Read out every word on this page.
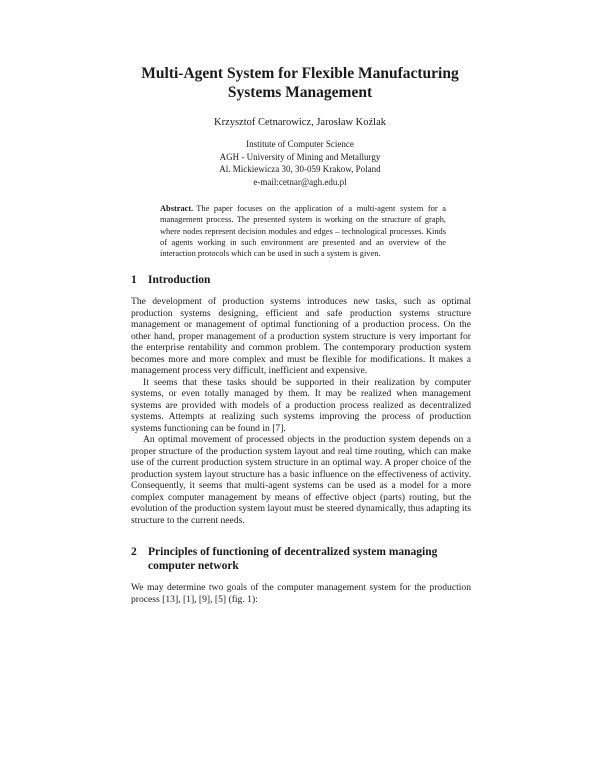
Multi-Agent System for Flexible Manufacturing
Systems Management
Krzysztof Cetnarowicz, Jarosław Koźlak
Institute of Computer Science
AGH - University of Mining and Metallurgy
Al. Mickiewicza 30, 30-059 Krakow, Poland
e-mail:cetnar@agh.edu.pl
Abstract. The paper focuses on the application of a multi-agent system for a management process. The presented system is working on the structure of graph, where nodes represent decision modules and edges – technological processes. Kinds of agents working in such environment are presented and an overview of the interaction protocols which can be used in such a system is given.
1 Introduction

The development of production systems introduces new tasks, such as optimal production systems designing, efficient and safe production systems structure management or management of optimal functioning of a production process. On the other hand, proper management of a production system structure is very important for the enterprise rentability and common problem. The contemporary production system becomes more and more complex and must be flexible for modifications. It makes a management process very difficult, inefficient and expensive.

It seems that these tasks should be supported in their realization by computer systems, or even totally managed by them. It may be realized when management systems are provided with models of a production process realized as decentralized systems. Attempts at realizing such systems improving the process of production systems functioning can be found in [7].

An optimal movement of processed objects in the production system depends on a proper structure of the production system layout and real time routing, which can make use of the current production system structure in an optimal way. A proper choice of the production system layout structure has a basic influence on the effectiveness of activity. Consequently, it seems that multi-agent systems can be used as a model for a more complex computer management by means of effective object (parts) routing, but the evolution of the production system layout must be steered dynamically, thus adapting its structure to the current needs.

2 Principles of functioning of decentralized system managing computer network

We may determine two goals of the computer management system for the production process [13], [1], [9], [5] (fig. 1):
